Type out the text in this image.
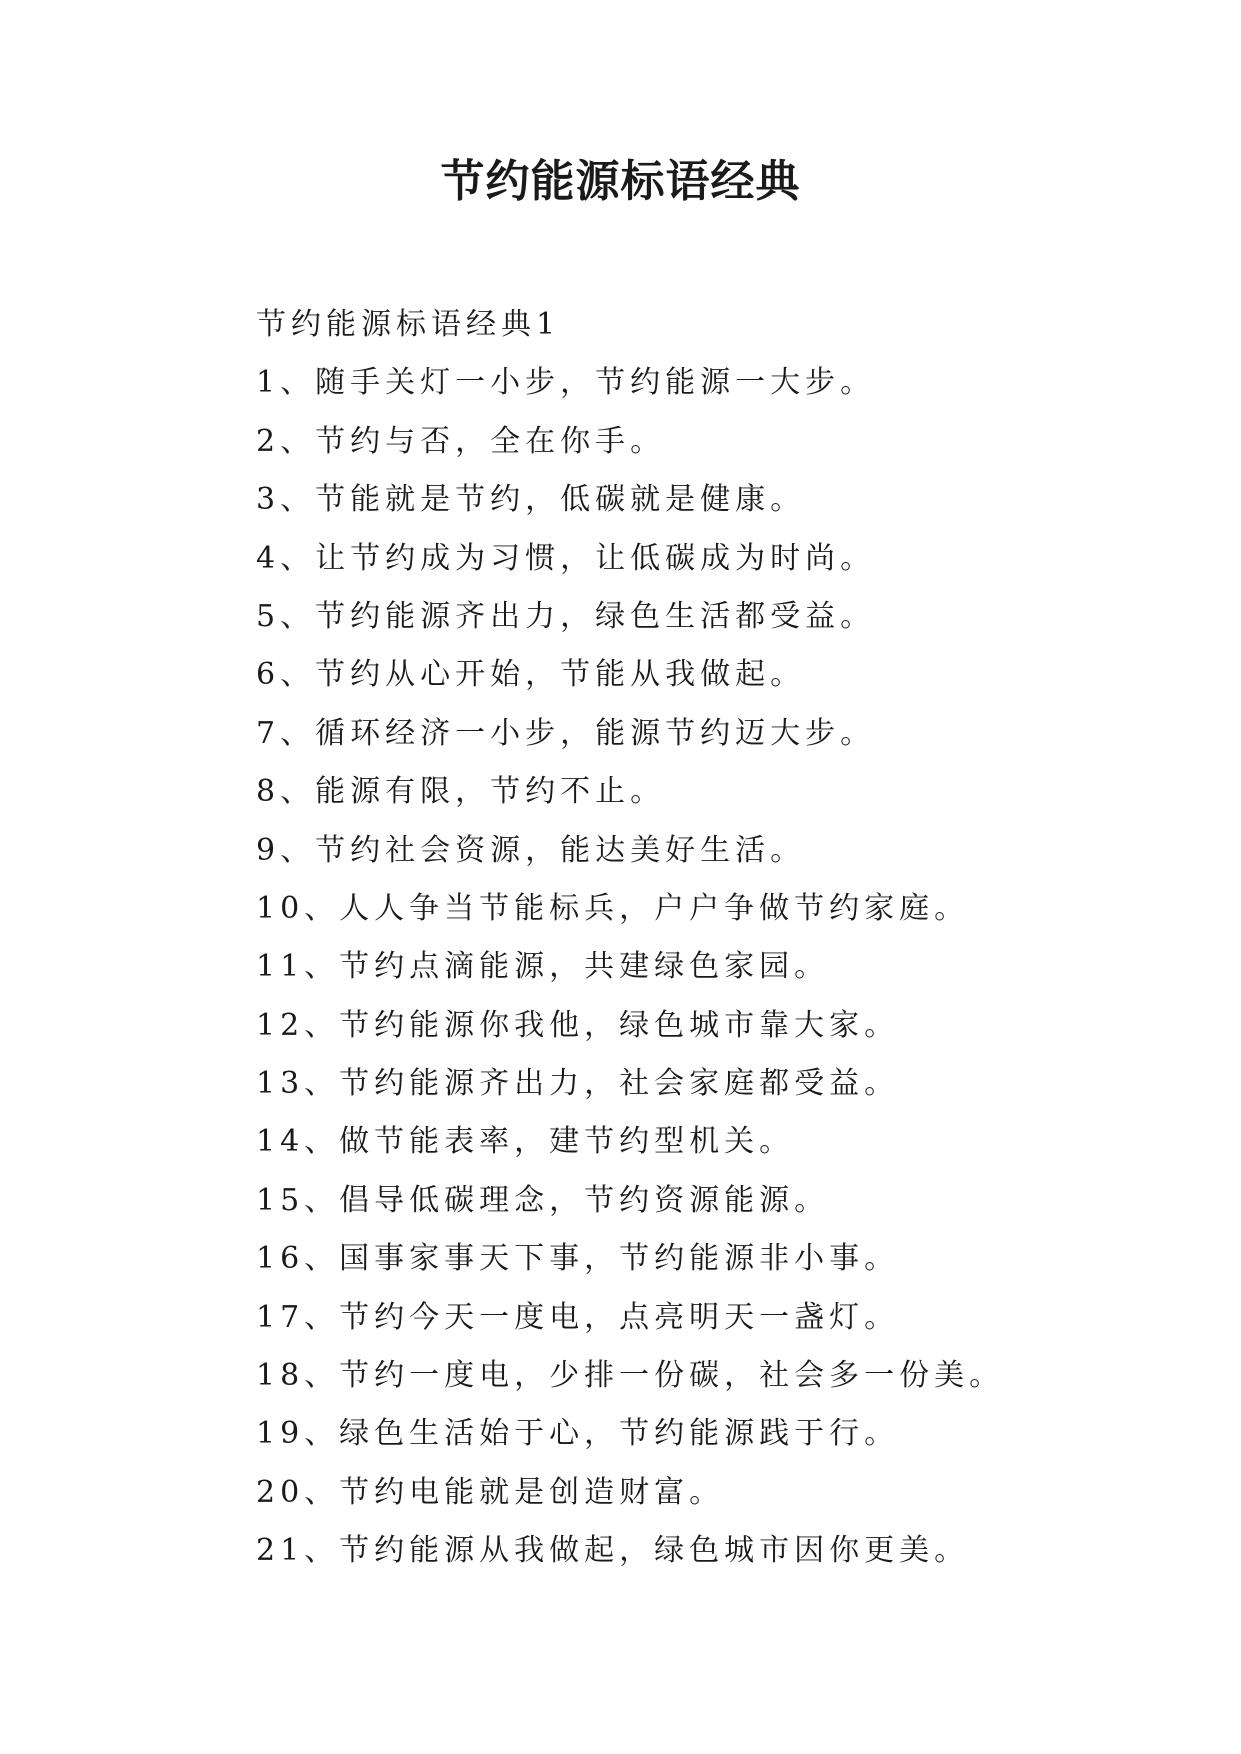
节约能源标语经典
节约能源标语经典1
1、随手关灯一小步，节约能源一大步。
2、节约与否，全在你手。
3、节能就是节约，低碳就是健康。
4、让节约成为习惯，让低碳成为时尚。
5、节约能源齐出力，绿色生活都受益。
6、节约从心开始，节能从我做起。
7、循环经济一小步，能源节约迈大步。
8、能源有限，节约不止。
9、节约社会资源，能达美好生活。
10、人人争当节能标兵，户户争做节约家庭。
11、节约点滴能源，共建绿色家园。
12、节约能源你我他，绿色城市靠大家。
13、节约能源齐出力，社会家庭都受益。
14、做节能表率，建节约型机关。
15、倡导低碳理念，节约资源能源。
16、国事家事天下事，节约能源非小事。
17、节约今天一度电，点亮明天一盏灯。
18、节约一度电，少排一份碳，社会多一份美。
19、绿色生活始于心，节约能源践于行。
20、节约电能就是创造财富。
21、节约能源从我做起，绿色城市因你更美。
